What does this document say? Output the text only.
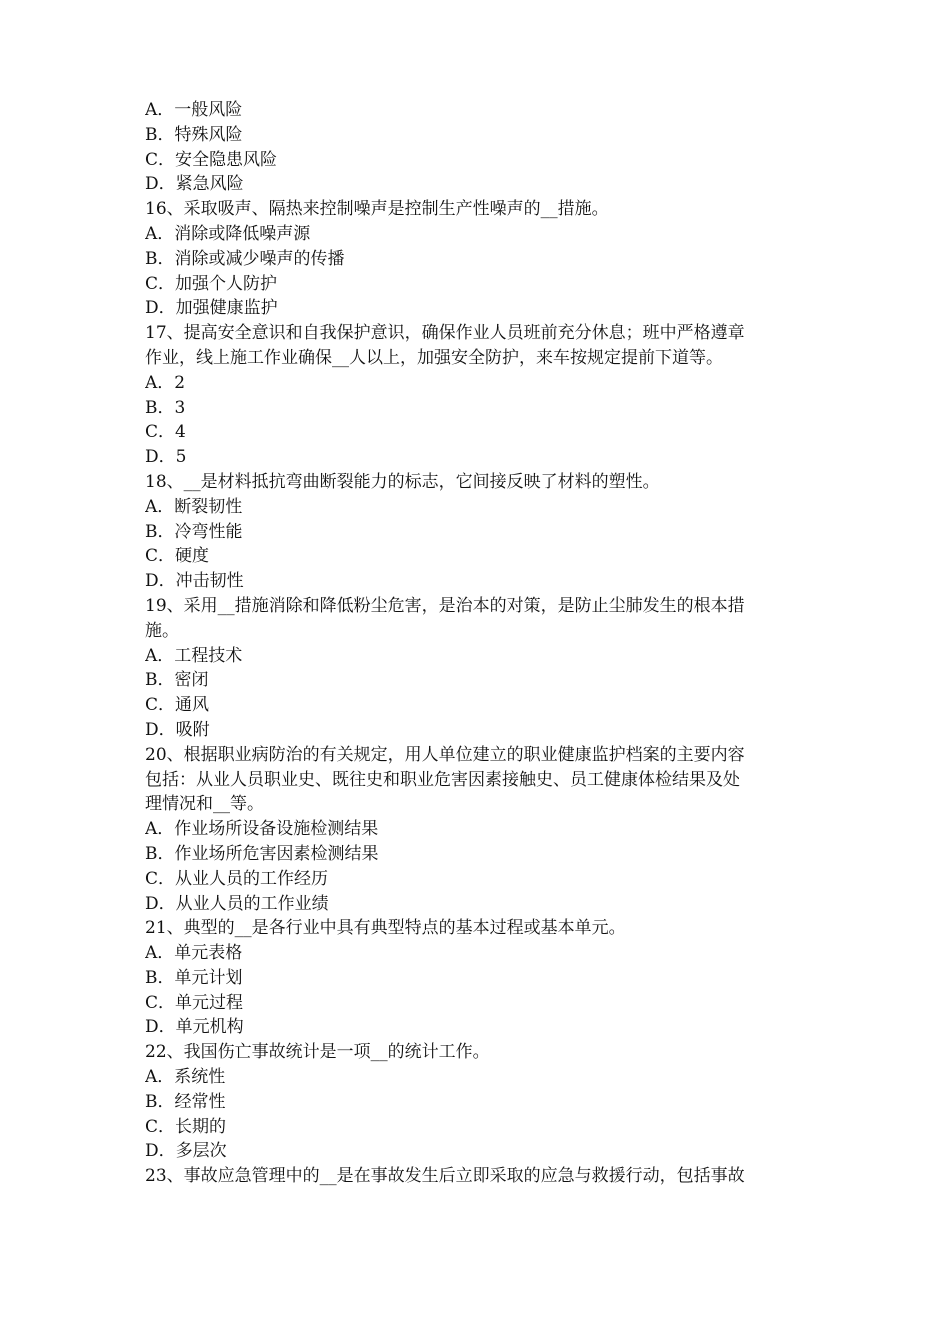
A．一般风险
B．特殊风险
C．安全隐患风险
D．紧急风险
16、采取吸声、隔热来控制噪声是控制生产性噪声的__措施。
A．消除或降低噪声源
B．消除或减少噪声的传播
C．加强个人防护
D．加强健康监护
17、提高安全意识和自我保护意识，确保作业人员班前充分休息；班中严格遵章
作业，线上施工作业确保__人以上，加强安全防护，来车按规定提前下道等。
A．2
B．3
C．4
D．5
18、__是材料抵抗弯曲断裂能力的标志，它间接反映了材料的塑性。
A．断裂韧性
B．冷弯性能
C．硬度
D．冲击韧性
19、采用__措施消除和降低粉尘危害，是治本的对策，是防止尘肺发生的根本措
施。
A．工程技术
B．密闭
C．通风
D．吸附
20、根据职业病防治的有关规定，用人单位建立的职业健康监护档案的主要内容
包括：从业人员职业史、既往史和职业危害因素接触史、员工健康体检结果及处
理情况和__等。
A．作业场所设备设施检测结果
B．作业场所危害因素检测结果
C．从业人员的工作经历
D．从业人员的工作业绩
21、典型的__是各行业中具有典型特点的基本过程或基本单元。
A．单元表格
B．单元计划
C．单元过程
D．单元机构
22、我国伤亡事故统计是一项__的统计工作。
A．系统性
B．经常性
C．长期的
D．多层次
23、事故应急管理中的__是在事故发生后立即采取的应急与救援行动，包括事故
